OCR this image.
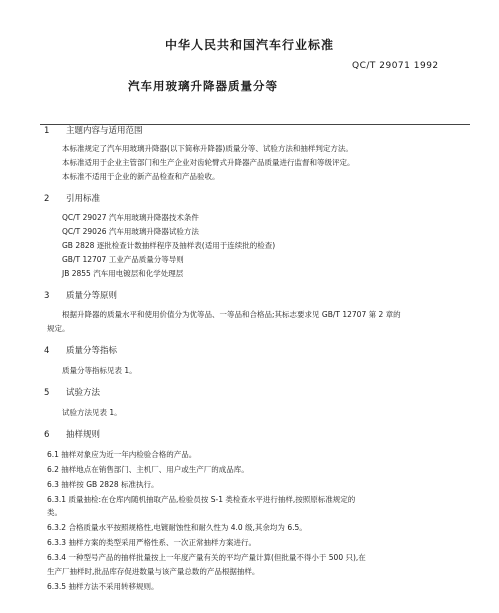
中华人民共和国汽车行业标准
QC/T 29071 1992
汽车用玻璃升降器质量分等
1 主题内容与适用范围
本标准规定了汽车用玻璃升降器(以下简称升降器)质量分等、试验方法和抽样判定方法。
本标准适用于企业主管部门和生产企业对齿轮臂式升降器产品质量进行监督和等级评定。
本标准不适用于企业的新产品检查和产品验收。
2 引用标准
QC/T 29027 汽车用玻璃升降器技术条件
QC/T 29026 汽车用玻璃升降器试验方法
GB 2828 逐批检查计数抽样程序及抽样表(适用于连续批的检查)
GB/T 12707 工业产品质量分等导则
JB 2855 汽车用电镀层和化学处理层
3 质量分等原则
根据升降器的质量水平和使用价值分为优等品、一等品和合格品;其标志要求见 GB/T 12707 第 2 章的
规定。
4 质量分等指标
质量分等指标见表 1。
5 试验方法
试验方法见表 1。
6 抽样规则
6.1 抽样对象应为近一年内检验合格的产品。
6.2 抽样地点在销售部门、主机厂、用户或生产厂的成品库。
6.3 抽样按 GB 2828 标准执行。
6.3.1 质量抽检:在仓库内随机抽取产品,检验员按 S-1 类检查水平进行抽样,按照原标准规定的
类。
6.3.2 合格质量水平按照规格性,电镀耐蚀性和耐久性为 4.0 级,其余均为 6.5。
6.3.3 抽样方案的类型采用严格性系、一次正常抽样方案进行。
6.3.4 一种型号产品的抽样批量按上一年度产量有关的平均产量计算(但批量不得小于 500 只),在
生产厂抽样时,批品库存促进数量与该产量总数的产品根据抽样。
6.3.5 抽样方法不采用转移规则。
